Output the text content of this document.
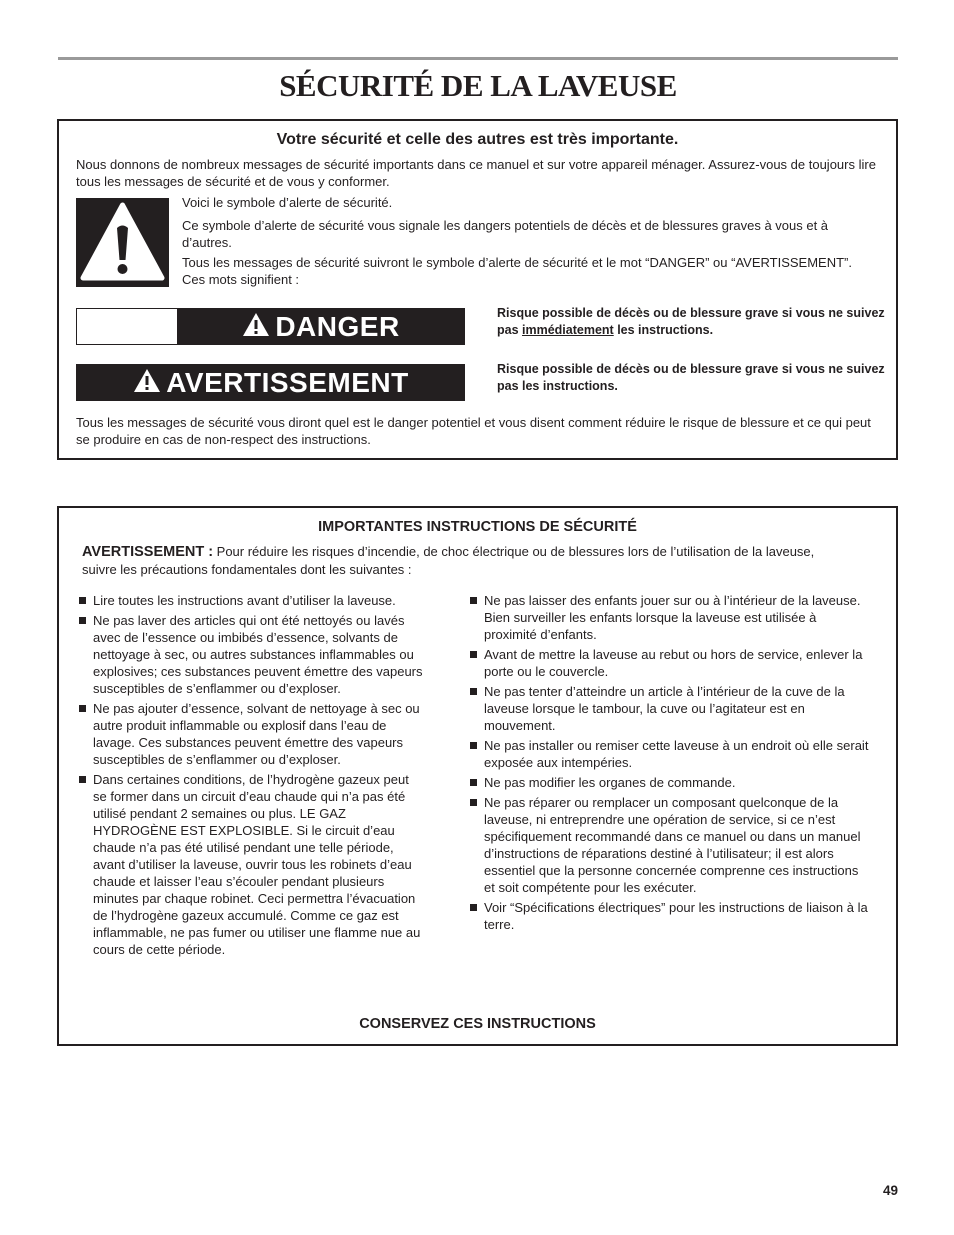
SÉCURITÉ DE LA LAVEUSE
Votre sécurité et celle des autres est très importante.

Nous donnons de nombreux messages de sécurité importants dans ce manuel et sur votre appareil ménager. Assurez-vous de toujours lire tous les messages de sécurité et de vous y conformer.

Voici le symbole d’alerte de sécurité.

Ce symbole d’alerte de sécurité vous signale les dangers potentiels de décès et de blessures graves à vous et à d’autres.

Tous les messages de sécurité suivront le symbole d’alerte de sécurité et le mot “DANGER” ou “AVERTISSEMENT”. Ces mots signifient :

DANGER	Risque possible de décès ou de blessure grave si vous ne suivez pas immédiatement les instructions.

AVERTISSEMENT	Risque possible de décès ou de blessure grave si vous ne suivez pas les instructions.

Tous les messages de sécurité vous diront quel est le danger potentiel et vous disent comment réduire le risque de blessure et ce qui peut se produire en cas de non-respect des instructions.

IMPORTANTES INSTRUCTIONS DE SÉCURITÉ

AVERTISSEMENT : Pour réduire les risques d’incendie, de choc électrique ou de blessures lors de l’utilisation de la laveuse, suivre les précautions fondamentales dont les suivantes :

Lire toutes les instructions avant d’utiliser la laveuse.
Ne pas laver des articles qui ont été nettoyés ou lavés avec de l’essence ou imbibés d’essence, solvants de nettoyage à sec, ou autres substances inflammables ou explosives; ces substances peuvent émettre des vapeurs susceptibles de s’enflammer ou d’exploser.
Ne pas ajouter d’essence, solvant de nettoyage à sec ou autre produit inflammable ou explosif dans l’eau de lavage. Ces substances peuvent émettre des vapeurs susceptibles de s’enflammer ou d’exploser.
Dans certaines conditions, de l’hydrogène gazeux peut se former dans un circuit d’eau chaude qui n’a pas été utilisé pendant 2 semaines ou plus. LE GAZ HYDROGÈNE EST EXPLOSIBLE. Si le circuit d’eau chaude n’a pas été utilisé pendant une telle période, avant d’utiliser la laveuse, ouvrir tous les robinets d’eau chaude et laisser l’eau s’écouler pendant plusieurs minutes par chaque robinet. Ceci permettra l’évacuation de l’hydrogène gazeux accumulé. Comme ce gaz est inflammable, ne pas fumer ou utiliser une flamme nue au cours de cette période.
Ne pas laisser des enfants jouer sur ou à l’intérieur de la laveuse. Bien surveiller les enfants lorsque la laveuse est utilisée à proximité d’enfants.
Avant de mettre la laveuse au rebut ou hors de service, enlever la porte ou le couvercle.
Ne pas tenter d’atteindre un article à l’intérieur de la cuve de la laveuse lorsque le tambour, la cuve ou l’agitateur est en mouvement.
Ne pas installer ou remiser cette laveuse à un endroit où elle serait exposée aux intempéries.
Ne pas modifier les organes de commande.
Ne pas réparer ou remplacer un composant quelconque de la laveuse, ni entreprendre une opération de service, si ce n’est spécifiquement recommandé dans ce manuel ou dans un manuel d’instructions de réparations destiné à l’utilisateur; il est alors essentiel que la personne concernée comprenne ces instructions et soit compétente pour les exécuter.
Voir “Spécifications électriques” pour les instructions de liaison à la terre.
CONSERVEZ CES INSTRUCTIONS
49
